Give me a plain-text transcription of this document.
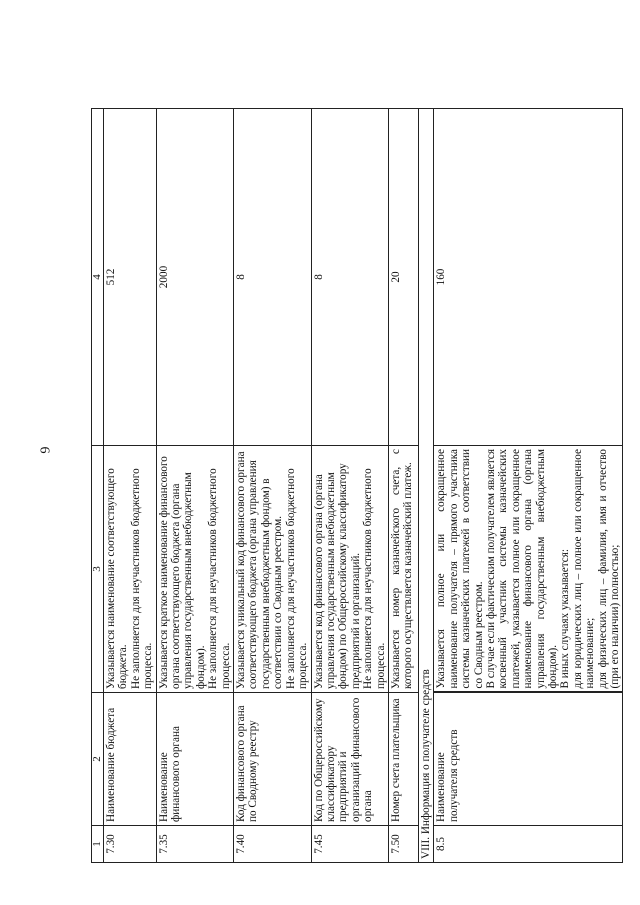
6
1	2	3	4
7.30	Наименование бюджета	Указывается наименование соответствующего бюджета. Не заполняется для неучастников бюджетного процесса.	512
7.35	Наименование финансового органа	Указывается краткое наименование финансового органа соответствующего бюджета (органа управления государственным внебюджетным фондом). Не заполняется для неучастников бюджетного процесса.	2000
7.40	Код финансового органа по Сводному реестру	Указывается уникальный код финансового органа соответствующего бюджета (органа управления государственным внебюджетным фондом) в соответствии со Сводным реестром. Не заполняется для неучастников бюджетного процесса.	8
7.45	Код по Общероссийскому классификатору предприятий и организаций финансового органа	Указывается код финансового органа (органа управления государственным внебюджетным фондом) по Общероссийскому классификатору предприятий и организаций. Не заполняется для неучастников бюджетного процесса.	8
7.50	Номер счета плательщика	Указывается номер казначейского счета, с которого осуществляется казначейский платеж.	20
VIII. Информация о получателе средств			
8.5	Наименование получателя средств	Указывается полное или сокращенное наименование получателя – прямого участника системы казначейских платежей в соответствии со Сводным реестром. В случае если фактическим получателем является косвенный участник системы казначейских платежей, указывается полное или сокращенное наименование финансового органа (органа управления государственным внебюджетным фондом). В иных случаях указывается: для юридических лиц – полное или сокращенное наименование; для физических лиц – фамилия, имя и отчество (при его наличии) полностью;	160
